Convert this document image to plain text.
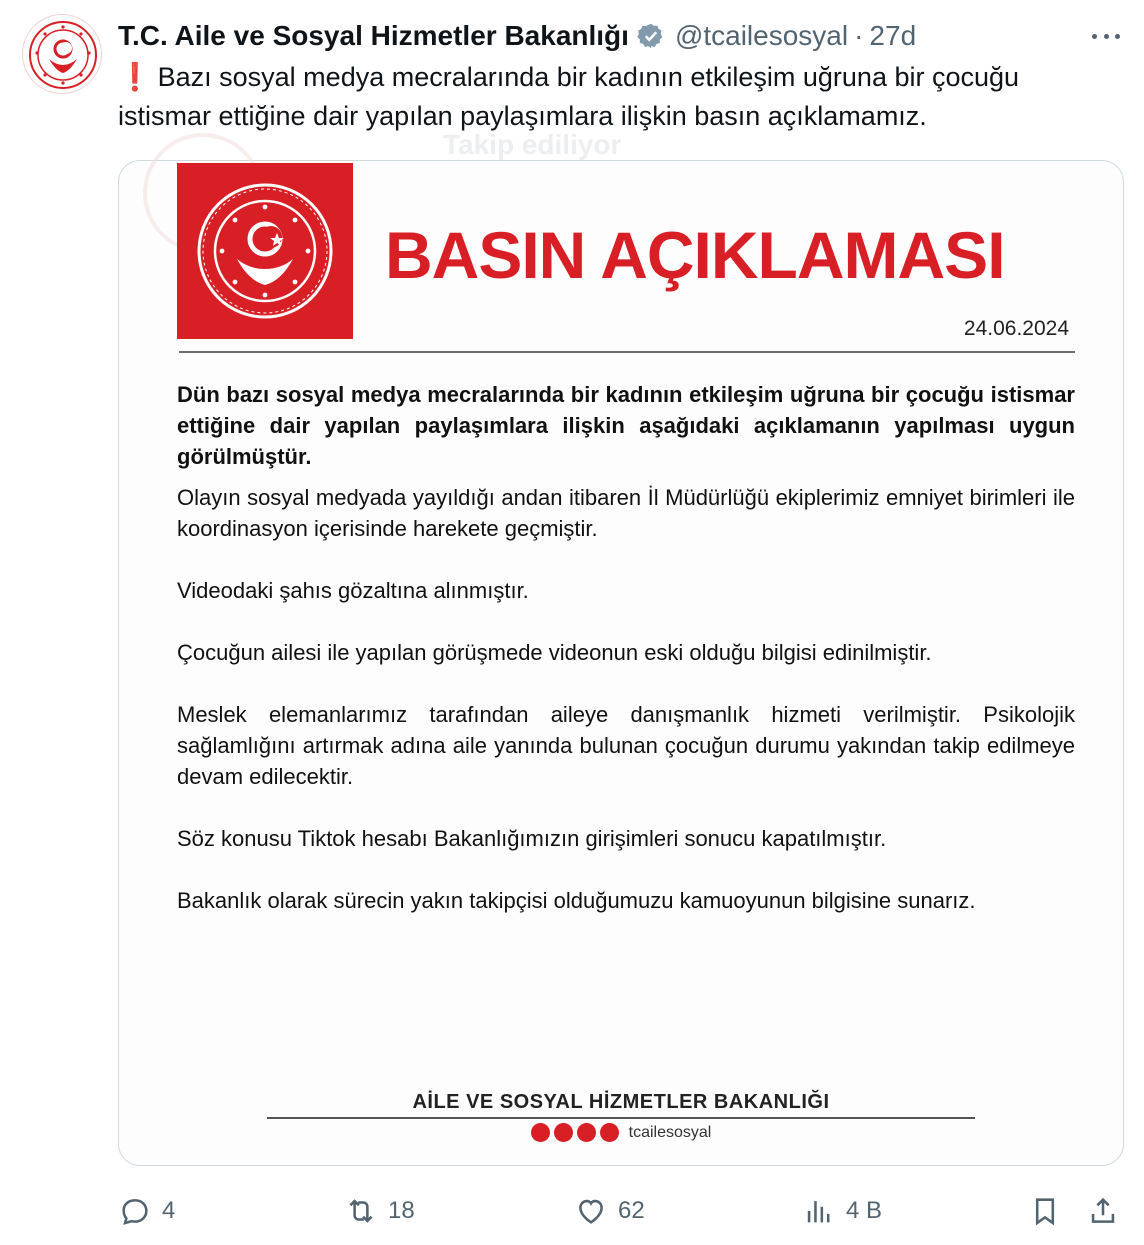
T.C. Aile ve Sosyal Hizmetler Bakanlığı @tcailesosyal · 27d
❗ Bazı sosyal medya mecralarında bir kadının etkileşim uğruna bir çocuğu istismar ettiğine dair yapılan paylaşımlara ilişkin basın açıklamamız.
Takip ediliyor
BASIN AÇIKLAMASI
24.06.2024

Dün bazı sosyal medya mecralarında bir kadının etkileşim uğruna bir çocuğu istismar ettiğine dair yapılan paylaşımlara ilişkin aşağıdaki açıklamanın yapılması uygun görülmüştür.

Olayın sosyal medyada yayıldığı andan itibaren İl Müdürlüğü ekiplerimiz emniyet birimleri ile koordinasyon içerisinde harekete geçmiştir.

Videodaki şahıs gözaltına alınmıştır.

Çocuğun ailesi ile yapılan görüşmede videonun eski olduğu bilgisi edinilmiştir.

Meslek elemanlarımız tarafından aileye danışmanlık hizmeti verilmiştir. Psikolojik sağlamlığını artırmak adına aile yanında bulunan çocuğun durumu yakından takip edilmeye devam edilecektir.

Söz konusu Tiktok hesabı Bakanlığımızın girişimleri sonucu kapatılmıştır.

Bakanlık olarak sürecin yakın takipçisi olduğumuzu kamuoyunun bilgisine sunarız.

AİLE VE SOSYAL HİZMETLER BAKANLIĞI
tcailesosyal
4	18	62	4 B
